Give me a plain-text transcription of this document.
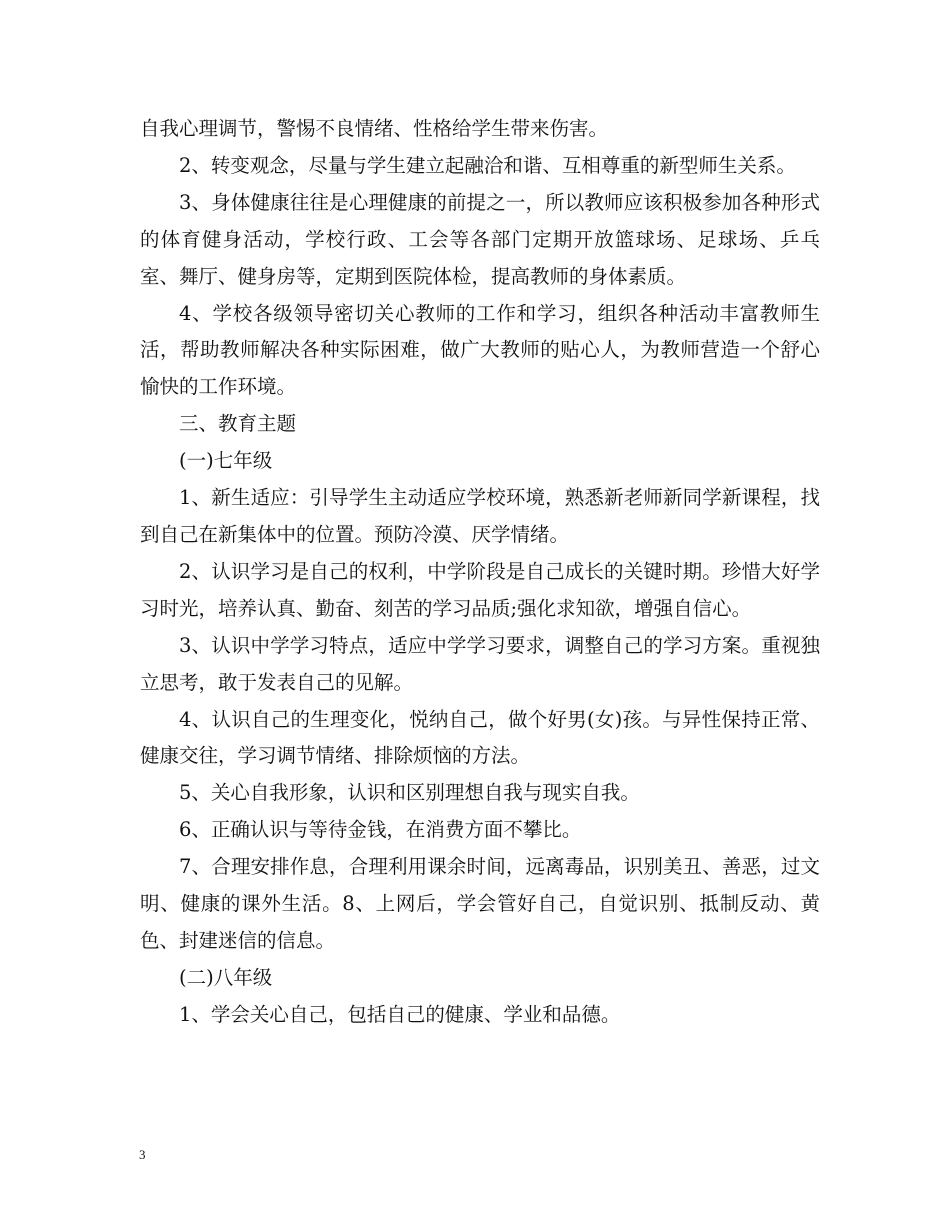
自我心理调节，警惕不良情绪、性格给学生带来伤害。

2、转变观念，尽量与学生建立起融洽和谐、互相尊重的新型师生关系。

3、身体健康往往是心理健康的前提之一，所以教师应该积极参加各种形式的体育健身活动，学校行政、工会等各部门定期开放篮球场、足球场、乒乓室、舞厅、健身房等，定期到医院体检，提高教师的身体素质。

4、学校各级领导密切关心教师的工作和学习，组织各种活动丰富教师生活，帮助教师解决各种实际困难，做广大教师的贴心人，为教师营造一个舒心愉快的工作环境。

三、教育主题

(一)七年级

1、新生适应：引导学生主动适应学校环境，熟悉新老师新同学新课程，找到自己在新集体中的位置。预防冷漠、厌学情绪。

2、认识学习是自己的权利，中学阶段是自己成长的关键时期。珍惜大好学习时光，培养认真、勤奋、刻苦的学习品质;强化求知欲，增强自信心。

3、认识中学学习特点，适应中学学习要求，调整自己的学习方案。重视独立思考，敢于发表自己的见解。

4、认识自己的生理变化，悦纳自己，做个好男(女)孩。与异性保持正常、健康交往，学习调节情绪、排除烦恼的方法。

5、关心自我形象，认识和区别理想自我与现实自我。

6、正确认识与等待金钱，在消费方面不攀比。

7、合理安排作息，合理利用课余时间，远离毒品，识别美丑、善恶，过文明、健康的课外生活。8、上网后，学会管好自己，自觉识别、抵制反动、黄色、封建迷信的信息。

(二)八年级

1、学会关心自己，包括自己的健康、学业和品德。

3
